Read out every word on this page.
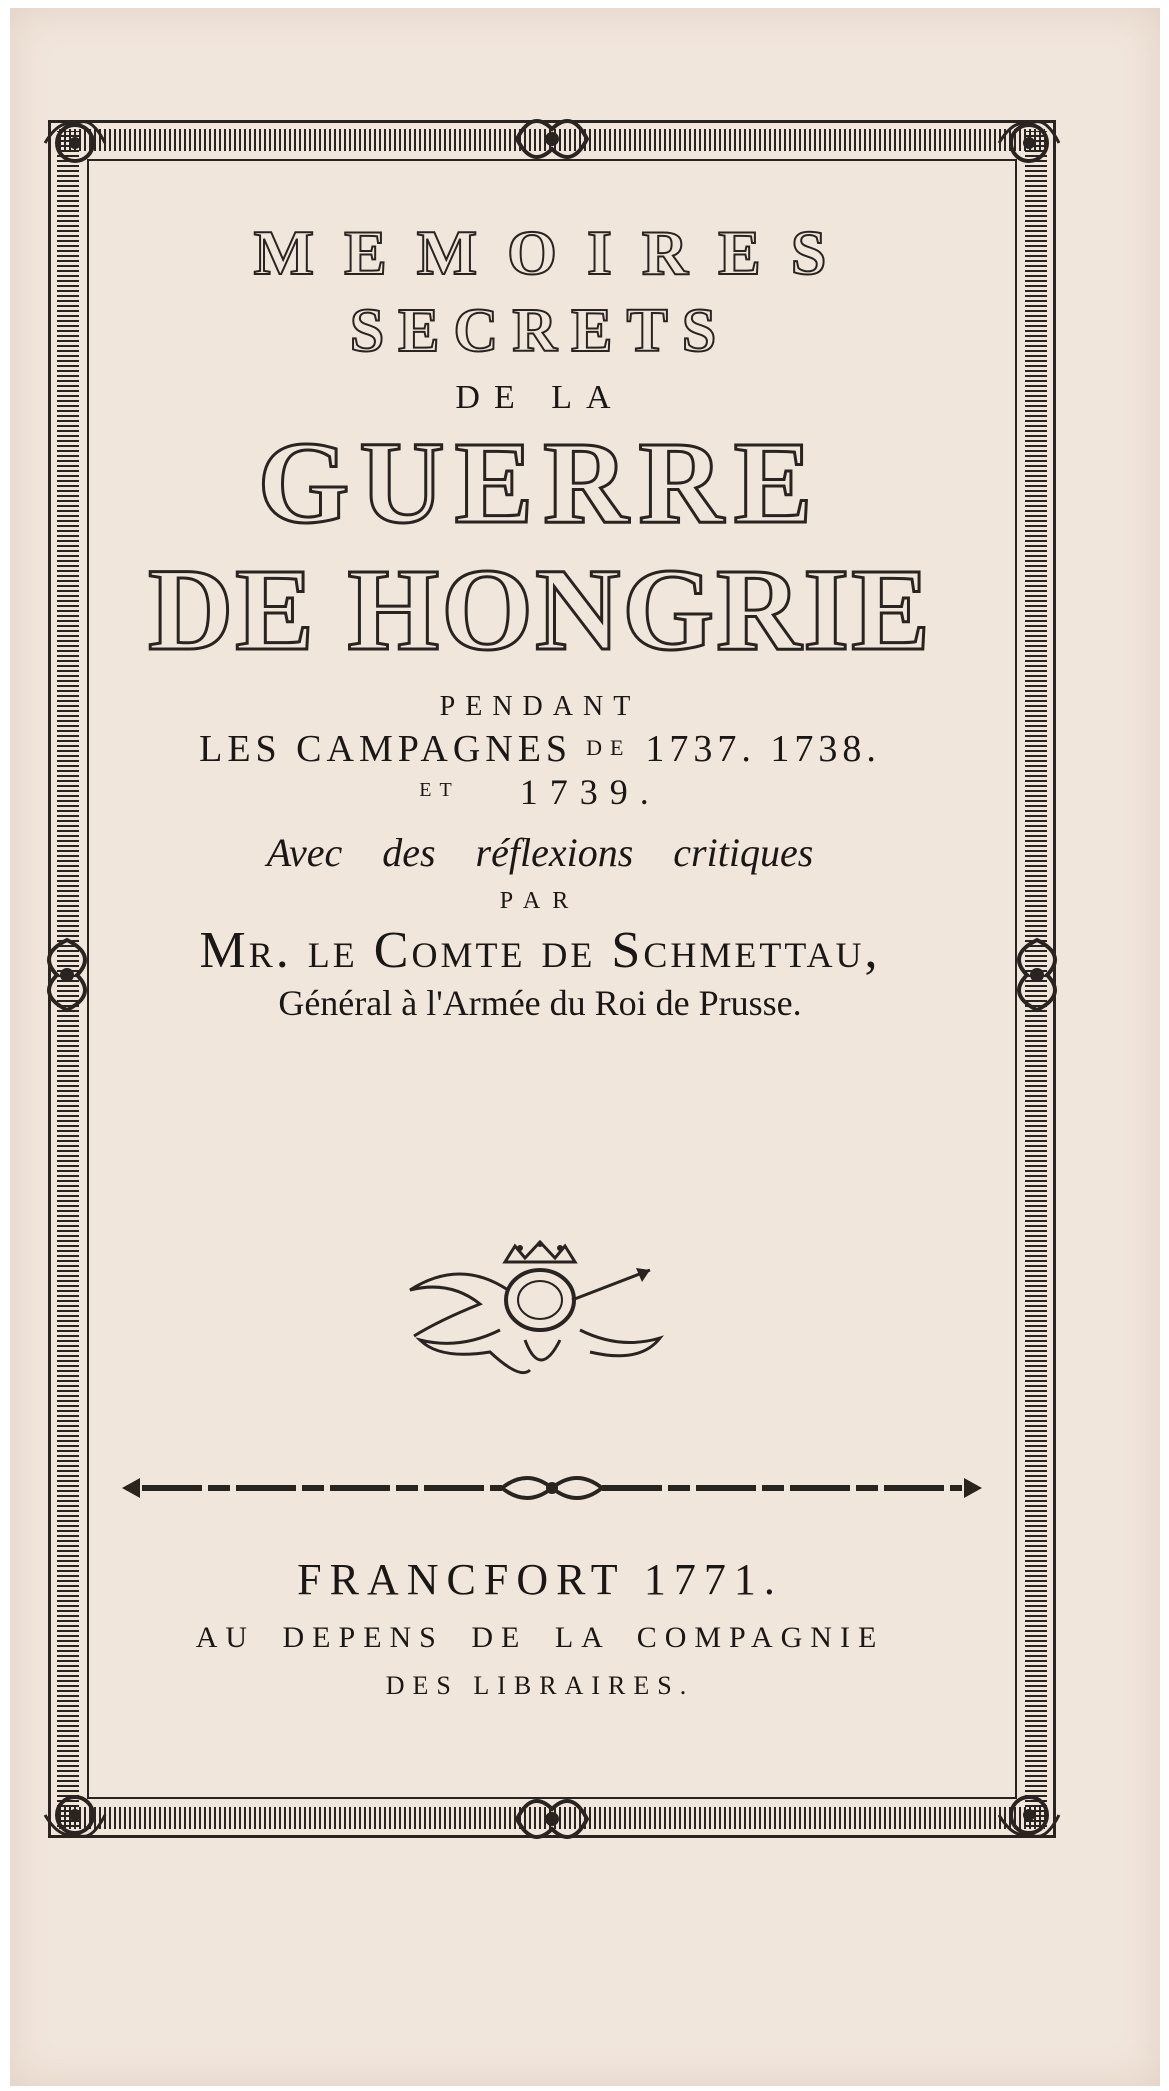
MEMOIRES
SECRETS
DE LA
GUERRE
DE HONGRIE
PENDANT
LES CAMPAGNES DE 1737. 1738.
$^{ET}$ 1739.
Avec des réflexions critiques
PAR
Mr. le Comte de Schmettau,
Général à l'Armée du Roi de Prusse.
FRANCFORT 1771.
AU DEPENS DE LA COMPAGNIE
DES LIBRAIRES.
